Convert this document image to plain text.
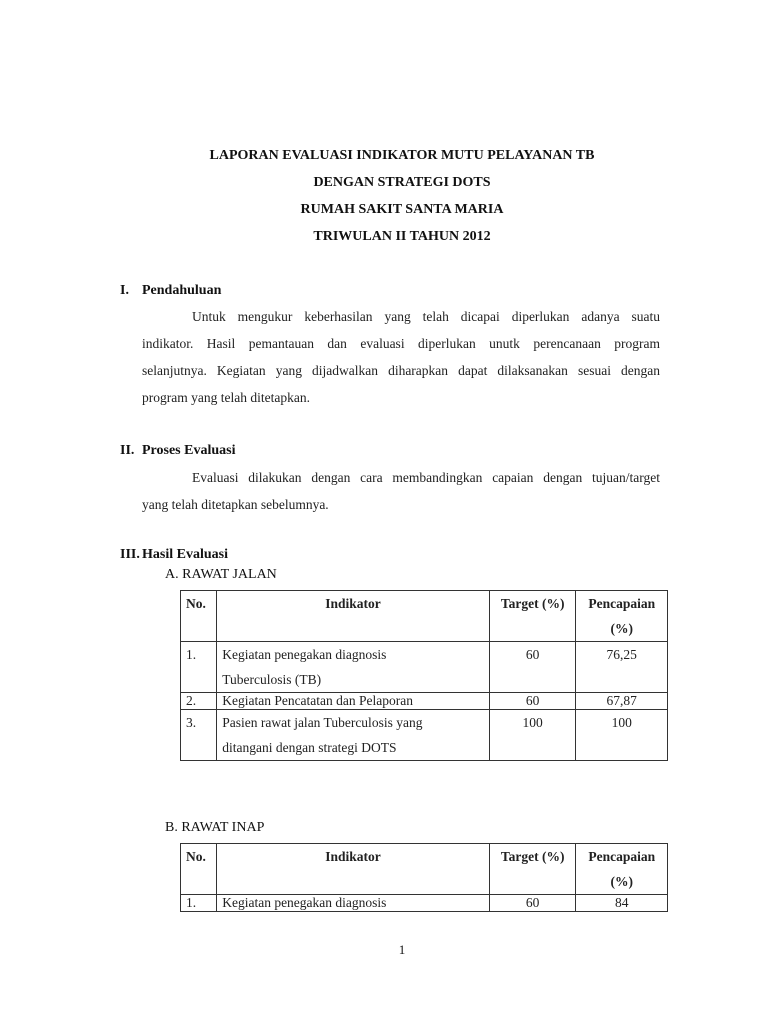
LAPORAN EVALUASI INDIKATOR MUTU PELAYANAN TB
DENGAN STRATEGI DOTS
RUMAH SAKIT SANTA MARIA
TRIWULAN II TAHUN 2012
I. Pendahuluan
Untuk mengukur keberhasilan yang telah dicapai diperlukan adanya suatu
indikator. Hasil pemantauan dan evaluasi diperlukan unutk perencanaan program
selanjutnya. Kegiatan yang dijadwalkan diharapkan dapat dilaksanakan sesuai dengan
program yang telah ditetapkan.
II. Proses Evaluasi
Evaluasi dilakukan dengan cara membandingkan capaian dengan tujuan/target
yang telah ditetapkan sebelumnya.
III. Hasil Evaluasi
A. RAWAT JALAN
No.	Indikator	Target (%)	Pencapaian
(%)
1.	Kegiatan penegakan diagnosis
Tuberculosis (TB)	60	76,25
2.	Kegiatan Pencatatan dan Pelaporan	60	67,87
3.	Pasien rawat jalan Tuberculosis yang
ditangani dengan strategi DOTS	100	100
B. RAWAT INAP
No.	Indikator	Target (%)	Pencapaian
(%)
1.	Kegiatan penegakan diagnosis	60	84
1
